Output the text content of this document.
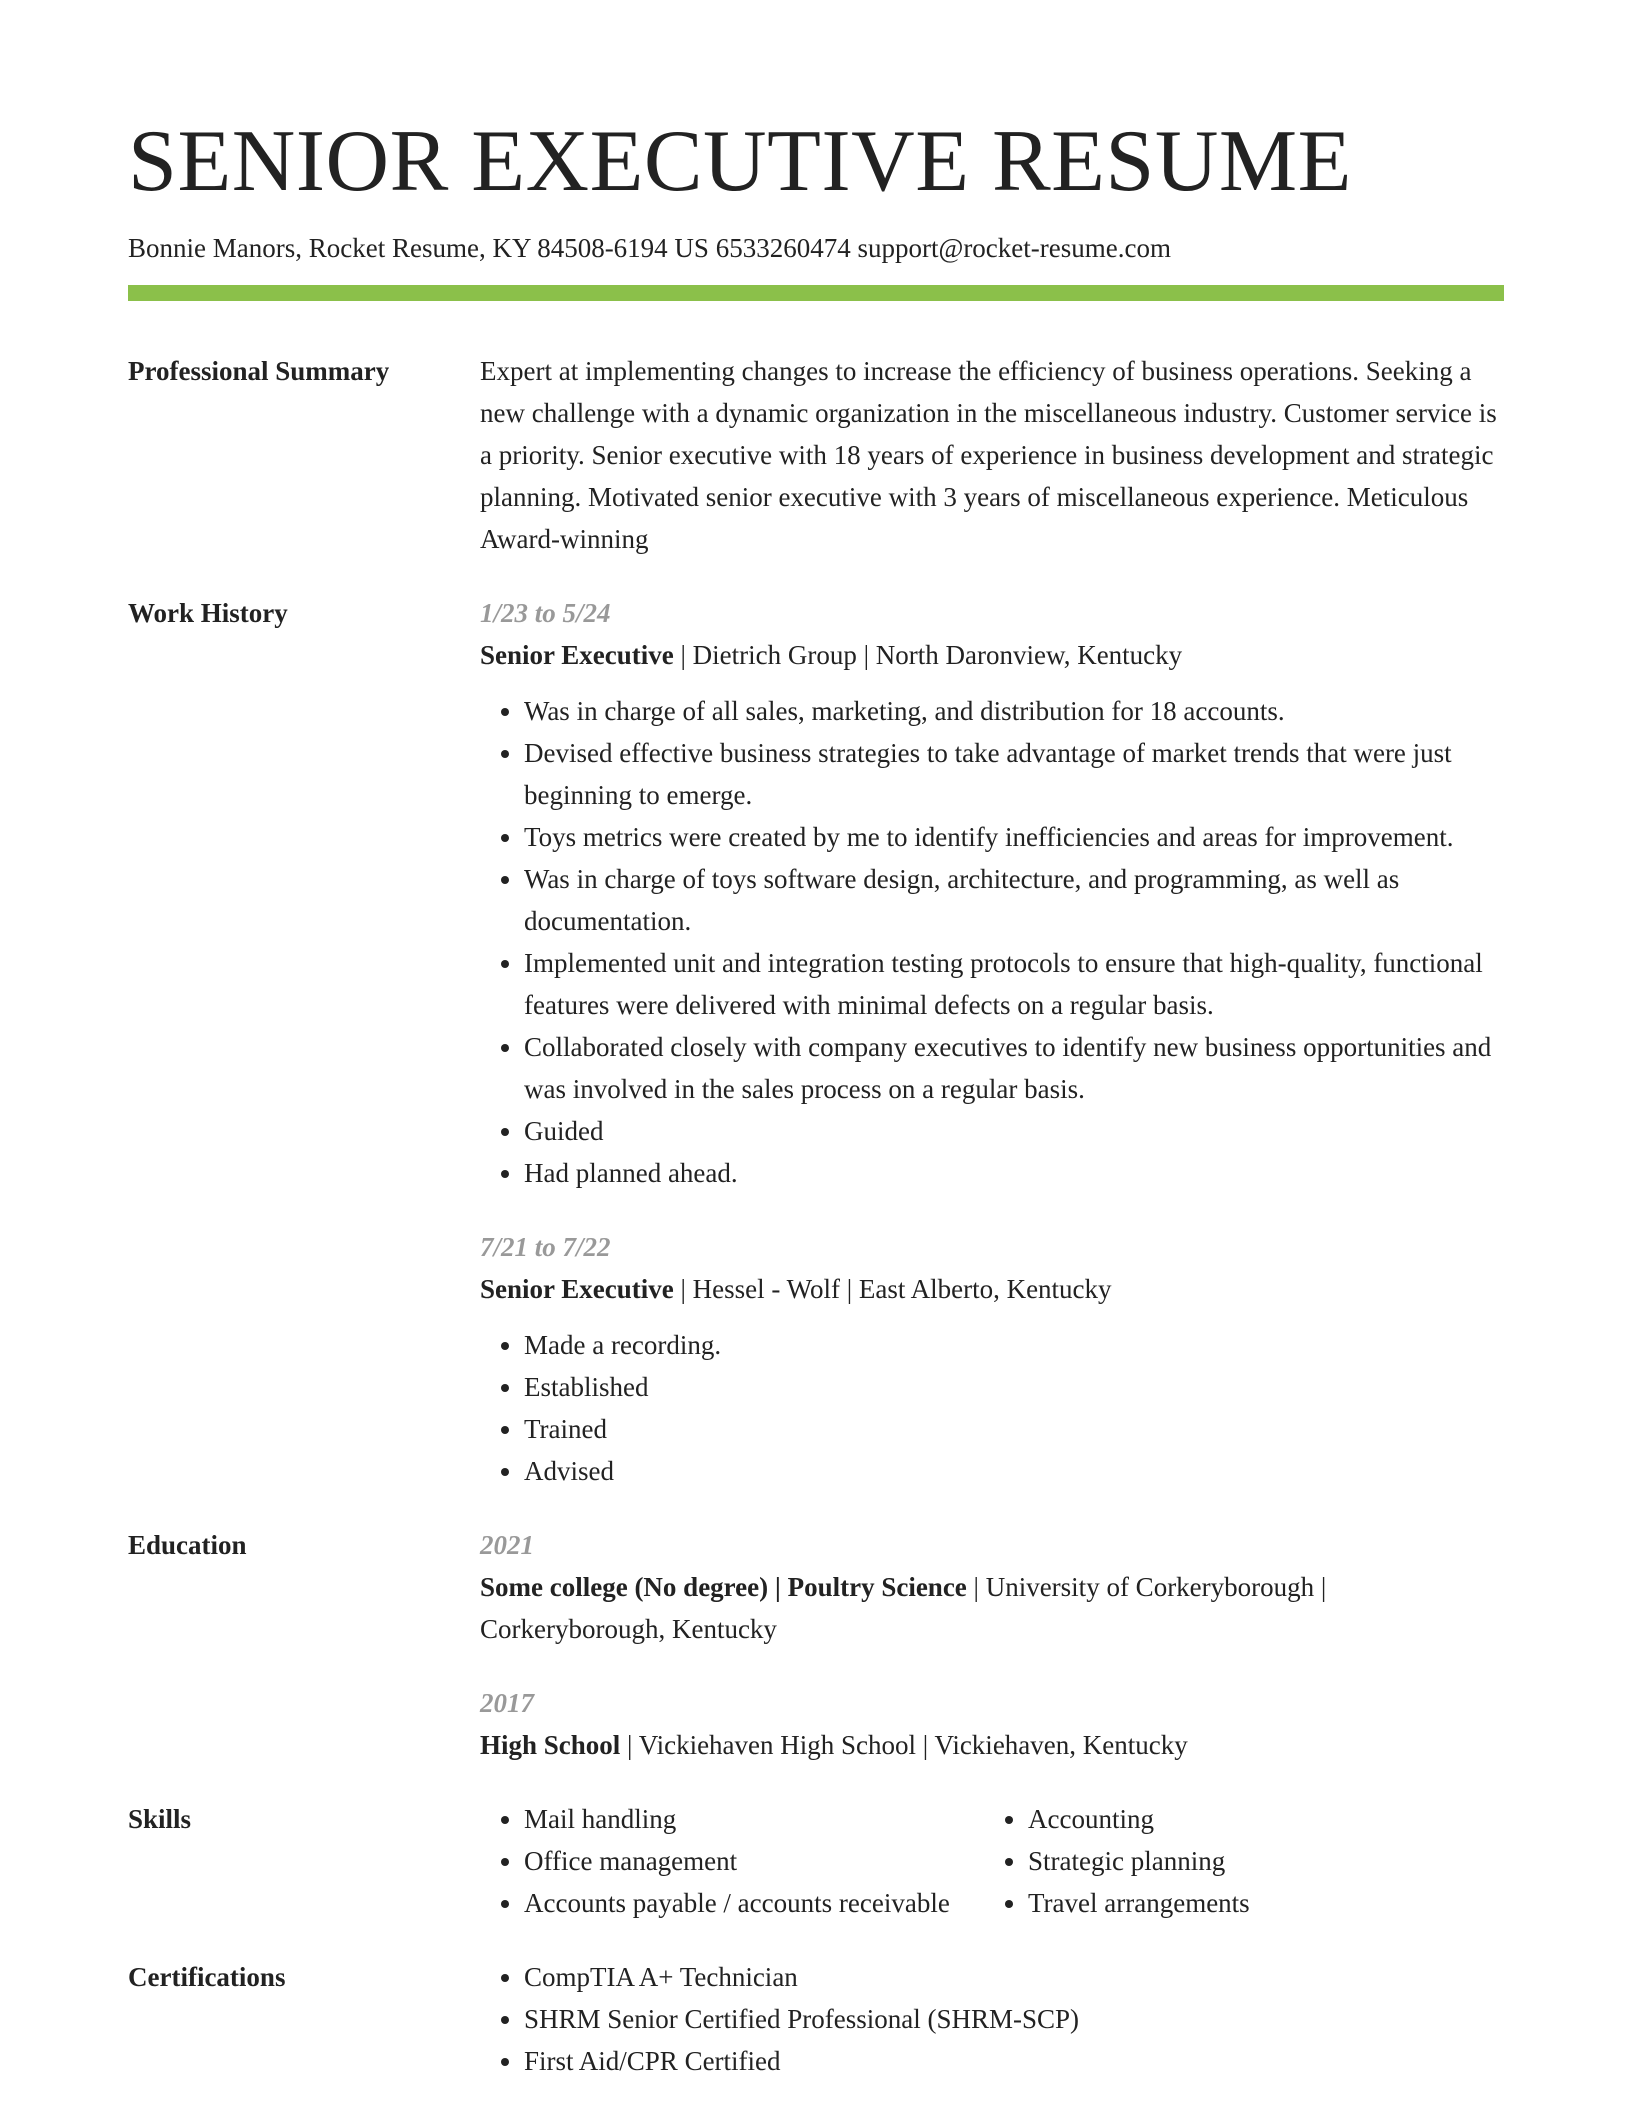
SENIOR EXECUTIVE RESUME
Bonnie Manors, Rocket Resume, KY 84508-6194 US 6533260474 support@rocket-resume.com
Professional Summary	Expert at implementing changes to increase the efficiency of business operations. Seeking a new challenge with a dynamic organization in the miscellaneous industry. Customer service is a priority. Senior executive with 18 years of experience in business development and strategic planning. Motivated senior executive with 3 years of miscellaneous experience. Meticulous Award-winning

Work History	1/23 to 5/24
Senior Executive | Dietrich Group | North Daronview, Kentucky
• Was in charge of all sales, marketing, and distribution for 18 accounts.
• Devised effective business strategies to take advantage of market trends that were just beginning to emerge.
• Toys metrics were created by me to identify inefficiencies and areas for improvement.
• Was in charge of toys software design, architecture, and programming, as well as documentation.
• Implemented unit and integration testing protocols to ensure that high-quality, functional features were delivered with minimal defects on a regular basis.
• Collaborated closely with company executives to identify new business opportunities and was involved in the sales process on a regular basis.
• Guided
• Had planned ahead.
7/21 to 7/22
Senior Executive | Hessel - Wolf | East Alberto, Kentucky
• Made a recording.
• Established
• Trained
• Advised
Education	2021
Some college (No degree) | Poultry Science | University of Corkeryborough | Corkeryborough, Kentucky
2017
High School | Vickiehaven High School | Vickiehaven, Kentucky
Skills	• Mail handling
• Office management
• Accounts payable / accounts receivable
• Accounting
• Strategic planning
• Travel arrangements
Certifications	• CompTIA A+ Technician
• SHRM Senior Certified Professional (SHRM-SCP)
• First Aid/CPR Certified
